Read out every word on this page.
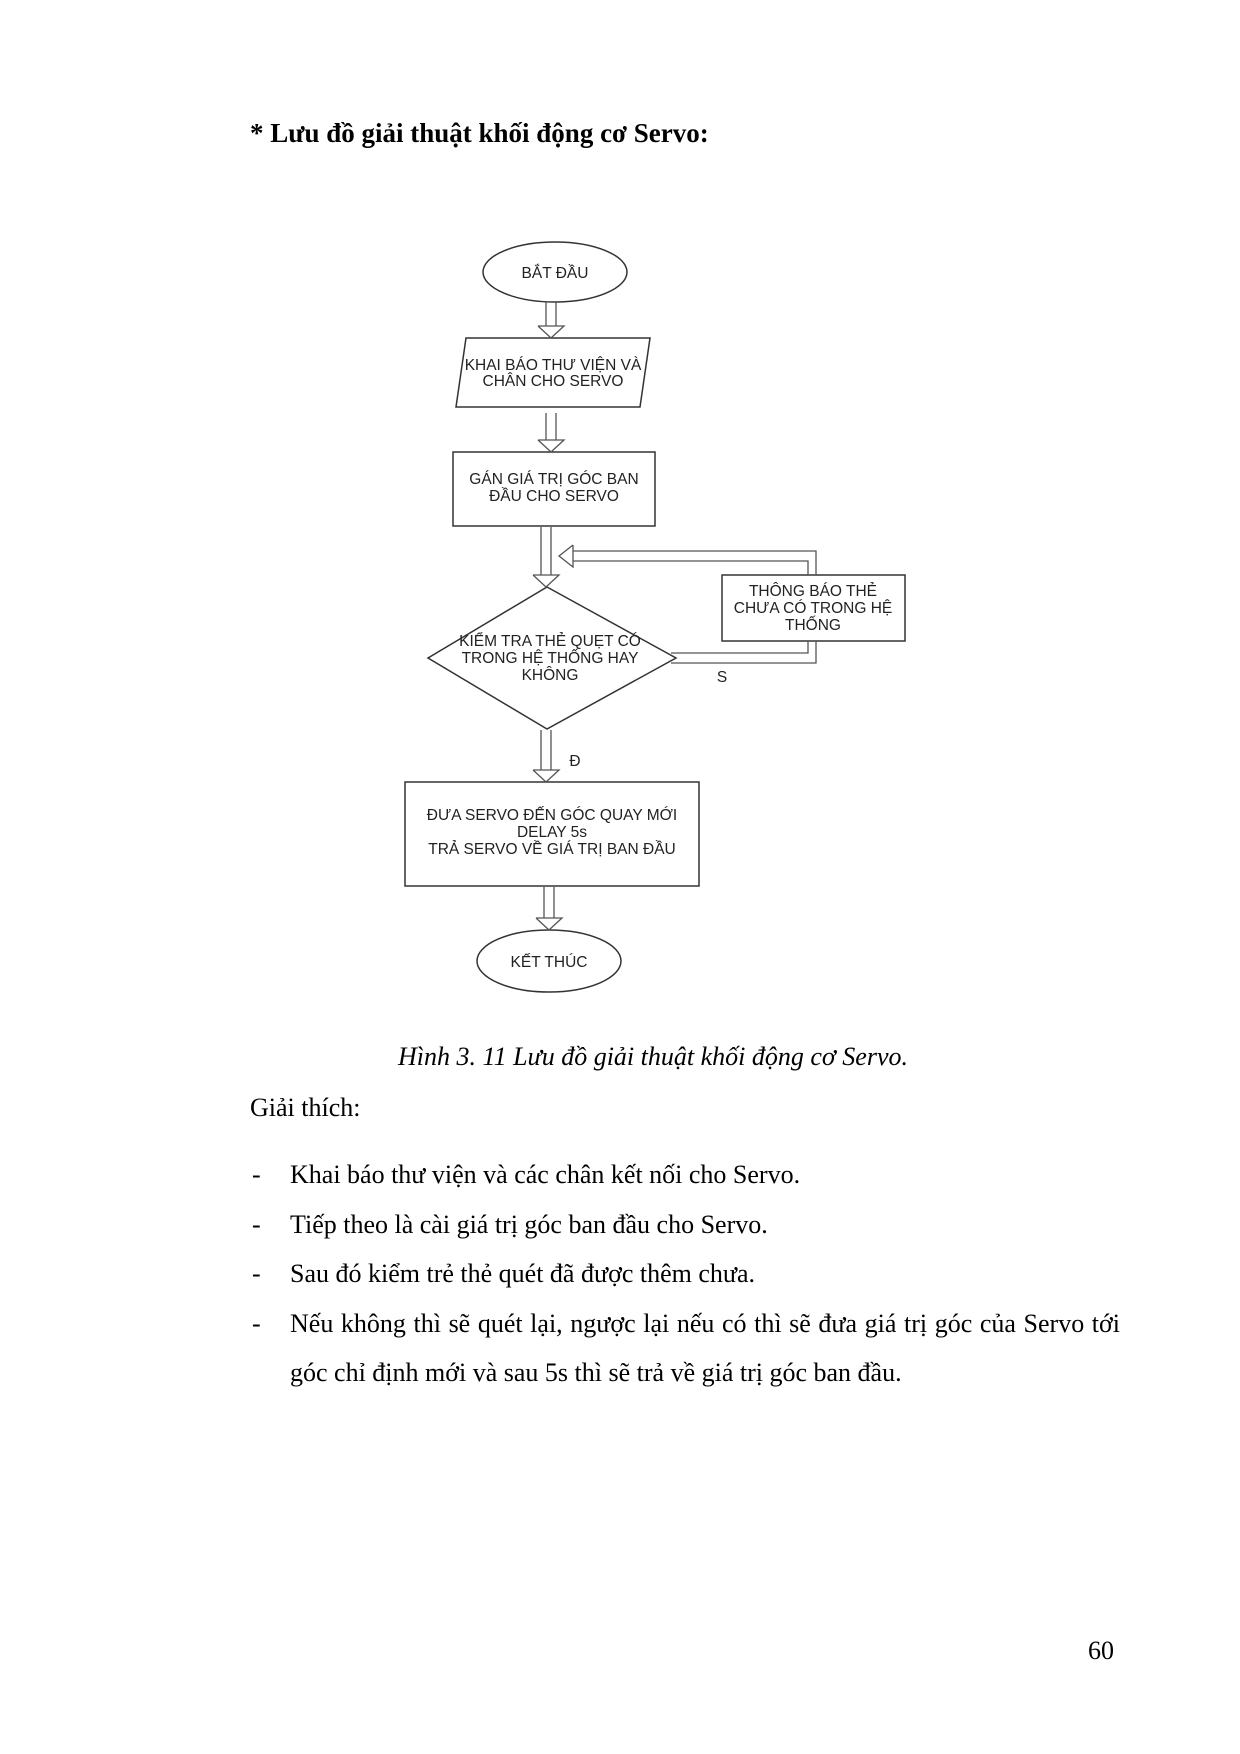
* Lưu đồ giải thuật khối động cơ Servo:
BẮT ĐẦU
KHAI BÁO THƯ VIỆN VÀ
CHÂN CHO SERVO
GÁN GIÁ TRỊ GÓC BAN
ĐẦU CHO SERVO
KIỂM TRA THẺ QUẸT CÓ
TRONG HỆ THỐNG HAY
KHÔNG
THÔNG BÁO THẺ
CHƯA CÓ TRONG HỆ
THỐNG
S
Đ
ĐƯA SERVO ĐẾN GÓC QUAY MỚI
DELAY 5s
TRẢ SERVO VỀ GIÁ TRỊ BAN ĐẦU
KẾT THÚC
Hình 3. 11 Lưu đồ giải thuật khối động cơ Servo.
Giải thích:
- Khai báo thư viện và các chân kết nối cho Servo.
- Tiếp theo là cài giá trị góc ban đầu cho Servo.
- Sau đó kiểm trẻ thẻ quét đã được thêm chưa.
- Nếu không thì sẽ quét lại, ngược lại nếu có thì sẽ đưa giá trị góc của Servo tới góc chỉ định mới và sau 5s thì sẽ trả về giá trị góc ban đầu.
60
